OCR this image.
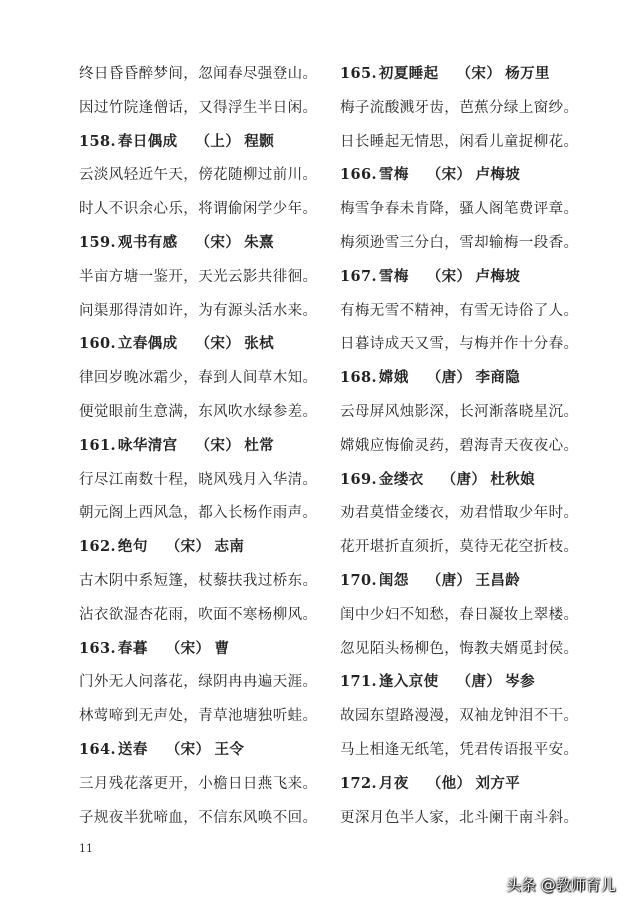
终日昏昏醉梦间，忽闻春尽强登山。
因过竹院逢僧话，又得浮生半日闲。
158. 春日偶成 （上） 程颢
云淡风轻近午天，傍花随柳过前川。
时人不识余心乐，将谓偷闲学少年。
159. 观书有感 （宋） 朱熹
半亩方塘一鉴开，天光云影共徘徊。
问渠那得清如许，为有源头活水来。
160. 立春偶成 （宋） 张栻
律回岁晚冰霜少，春到人间草木知。
便觉眼前生意满，东风吹水绿参差。
161. 咏华清宫 （宋） 杜常
行尽江南数十程，晓风残月入华清。
朝元阁上西风急，都入长杨作雨声。
162. 绝句 （宋） 志南
古木阴中系短篷，杖藜扶我过桥东。
沾衣欲湿杏花雨，吹面不寒杨柳风。
163. 春暮 （宋） 曹
门外无人问落花，绿阴冉冉遍天涯。
林莺啼到无声处，青草池塘独听蛙。
164. 送春 （宋） 王令
三月残花落更开，小檐日日燕飞来。
子规夜半犹啼血，不信东风唤不回。
165. 初夏睡起 （宋） 杨万里
梅子流酸溅牙齿，芭蕉分绿上窗纱。
日长睡起无情思，闲看儿童捉柳花。
166. 雪梅 （宋） 卢梅坡
梅雪争春未肯降，骚人阁笔费评章。
梅须逊雪三分白，雪却输梅一段香。
167. 雪梅 （宋） 卢梅坡
有梅无雪不精神，有雪无诗俗了人。
日暮诗成天又雪，与梅并作十分春。
168. 嫦娥 （唐） 李商隐
云母屏风烛影深，长河渐落晓星沉。
嫦娥应悔偷灵药，碧海青天夜夜心。
169. 金缕衣 （唐） 杜秋娘
劝君莫惜金缕衣，劝君惜取少年时。
花开堪折直须折，莫待无花空折枝。
170. 闺怨 （唐） 王昌龄
闺中少妇不知愁，春日凝妆上翠楼。
忽见陌头杨柳色，悔教夫婿觅封侯。
171. 逢入京使 （唐） 岑参
故园东望路漫漫，双袖龙钟泪不干。
马上相逢无纸笔，凭君传语报平安。
172. 月夜 （他） 刘方平
更深月色半人家，北斗阑干南斗斜。
11
头条 @教师育儿
